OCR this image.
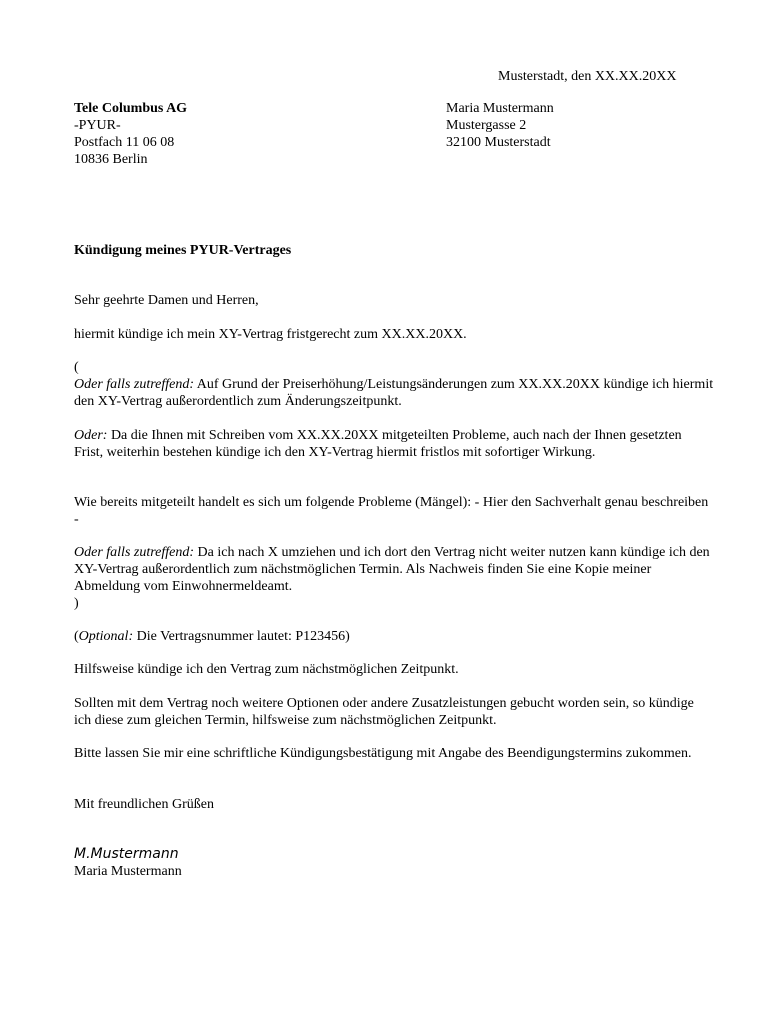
Musterstadt, den XX.XX.20XX
Tele Columbus AG
-PYUR-
Postfach 11 06 08
10836 Berlin
Maria Mustermann
Mustergasse 2
32100 Musterstadt
Kündigung meines PYUR-Vertrages

Sehr geehrte Damen und Herren,

hiermit kündige ich mein XY-Vertrag fristgerecht zum XX.XX.20XX.

(

Oder falls zutreffend: Auf Grund der Preiserhöhung/Leistungsänderungen zum XX.XX.20XX kündige ich hiermit den XY-Vertrag außerordentlich zum Änderungszeitpunkt.

Oder: Da die Ihnen mit Schreiben vom XX.XX.20XX mitgeteilten Probleme, auch nach der Ihnen gesetzten Frist, weiterhin bestehen kündige ich den XY-Vertrag hiermit fristlos mit sofortiger Wirkung.

Wie bereits mitgeteilt handelt es sich um folgende Probleme (Mängel): - Hier den Sachverhalt genau beschreiben -

Oder falls zutreffend: Da ich nach X umziehen und ich dort den Vertrag nicht weiter nutzen kann kündige ich den XY-Vertrag außerordentlich zum nächstmöglichen Termin. Als Nachweis finden Sie eine Kopie meiner Abmeldung vom Einwohnermeldeamt.

)

(Optional: Die Vertragsnummer lautet: P123456)

Hilfsweise kündige ich den Vertrag zum nächstmöglichen Zeitpunkt.

Sollten mit dem Vertrag noch weitere Optionen oder andere Zusatzleistungen gebucht worden sein, so kündige ich diese zum gleichen Termin, hilfsweise zum nächstmöglichen Zeitpunkt.

Bitte lassen Sie mir eine schriftliche Kündigungsbestätigung mit Angabe des Beendigungstermins zukommen.

Mit freundlichen Grüßen

M.Mustermann
Maria Mustermann
